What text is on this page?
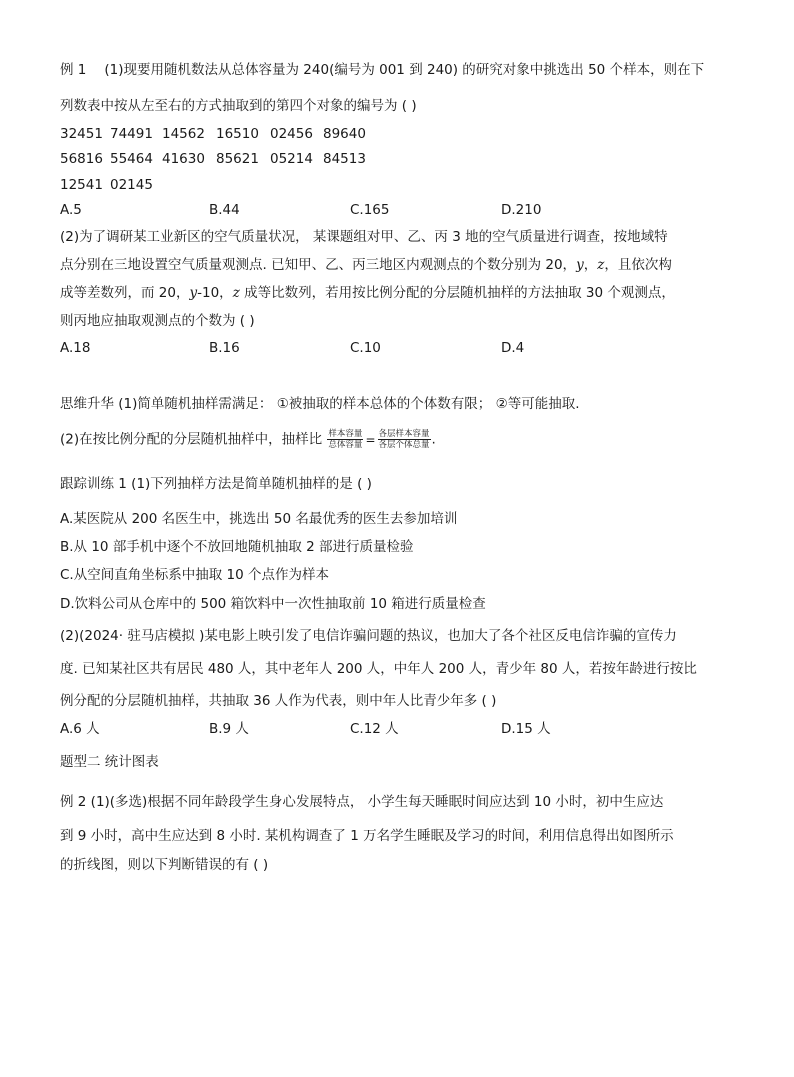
例 1 (1)现要用随机数法从总体容量为 240(编号为 001 到 240) 的研究对象中挑选出 50 个样本，则在下
列数表中按从左至右的方式抽取到的第四个对象的编号为 ( )
32451 74491 14562 16510 02456 89640
56816 55464 41630 85621 05214 84513
12541 02145
A.5	B.44	C.165	D.210
(2)为了调研某工业新区的空气质量状况， 某课题组对甲、乙、丙 3 地的空气质量进行调查，按地域特
点分别在三地设置空气质量观测点. 已知甲、乙、丙三地区内观测点的个数分别为 20，y，z，且依次构
成等差数列，而 20，y-10，z 成等比数列，若用按比例分配的分层随机抽样的方法抽取 30 个观测点，
则丙地应抽取观测点的个数为 ( )
A.18	B.16	C.10	D.4
思维升华 (1)简单随机抽样需满足： ①被抽取的样本总体的个体数有限； ②等可能抽取.
(2)在按比例分配的分层随机抽样中，抽样比 $\frac{\text{样本容量}}{\text{总体容量}} = \frac{\text{各层样本容量}}{\text{各层个体总量}}$ .
跟踪训练 1 (1)下列抽样方法是简单随机抽样的是 ( )
A.某医院从 200 名医生中，挑选出 50 名最优秀的医生去参加培训
B.从 10 部手机中逐个不放回地随机抽取 2 部进行质量检验
C.从空间直角坐标系中抽取 10 个点作为样本
D.饮料公司从仓库中的 500 箱饮料中一次性抽取前 10 箱进行质量检查
(2)(2024· 驻马店模拟 )某电影上映引发了电信诈骗问题的热议，也加大了各个社区反电信诈骗的宣传力
度. 已知某社区共有居民 480 人，其中老年人 200 人，中年人 200 人，青少年 80 人，若按年龄进行按比
例分配的分层随机抽样，共抽取 36 人作为代表，则中年人比青少年多 ( )
A.6 人	B.9 人	C.12 人	D.15 人
题型二 统计图表
例 2 (1)(多选)根据不同年龄段学生身心发展特点， 小学生每天睡眠时间应达到 10 小时，初中生应达
到 9 小时，高中生应达到 8 小时. 某机构调查了 1 万名学生睡眠及学习的时间，利用信息得出如图所示
的折线图，则以下判断错误的有 ( )
